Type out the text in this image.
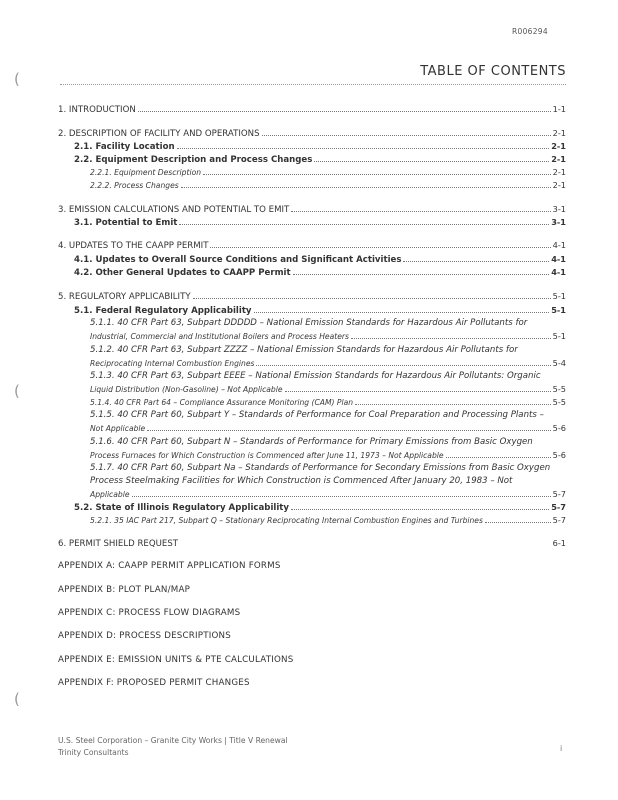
R006294
TABLE OF CONTENTS
(
(
(
1. INTRODUCTION	1-1
2. DESCRIPTION OF FACILITY AND OPERATIONS	2-1
2.1. Facility Location	2-1
2.2. Equipment Description and Process Changes	2-1
2.2.1. Equipment Description	2-1
2.2.2. Process Changes	2-1
3. EMISSION CALCULATIONS AND POTENTIAL TO EMIT	3-1
3.1. Potential to Emit	3-1
4. UPDATES TO THE CAAPP PERMIT	4-1
4.1. Updates to Overall Source Conditions and Significant Activities	4-1
4.2. Other General Updates to CAAPP Permit	4-1
5. REGULATORY APPLICABILITY	5-1
5.1. Federal Regulatory Applicability	5-1
5.1.1. 40 CFR Part 63, Subpart DDDDD – National Emission Standards for Hazardous Air Pollutants for
Industrial, Commercial and Institutional Boilers and Process Heaters	5-1
5.1.2. 40 CFR Part 63, Subpart ZZZZ – National Emission Standards for Hazardous Air Pollutants for
Reciprocating Internal Combustion Engines	5-4
5.1.3. 40 CFR Part 63, Subpart EEEE – National Emission Standards for Hazardous Air Pollutants: Organic
Liquid Distribution (Non-Gasoline) – Not Applicable	5-5
5.1.4. 40 CFR Part 64 – Compliance Assurance Monitoring (CAM) Plan	5-5
5.1.5. 40 CFR Part 60, Subpart Y – Standards of Performance for Coal Preparation and Processing Plants –
Not Applicable	5-6
5.1.6. 40 CFR Part 60, Subpart N – Standards of Performance for Primary Emissions from Basic Oxygen
Process Furnaces for Which Construction is Commenced after June 11, 1973 – Not Applicable	5-6
5.1.7. 40 CFR Part 60, Subpart Na – Standards of Performance for Secondary Emissions from Basic Oxygen
Process Steelmaking Facilities for Which Construction is Commenced After January 20, 1983 – Not
Applicable	5-7
5.2. State of Illinois Regulatory Applicability	5-7
5.2.1. 35 IAC Part 217, Subpart Q – Stationary Reciprocating Internal Combustion Engines and Turbines	5-7
6. PERMIT SHIELD REQUEST	6-1
APPENDIX A: CAAPP PERMIT APPLICATION FORMS
APPENDIX B: PLOT PLAN/MAP
APPENDIX C: PROCESS FLOW DIAGRAMS
APPENDIX D: PROCESS DESCRIPTIONS
APPENDIX E: EMISSION UNITS & PTE CALCULATIONS
APPENDIX F: PROPOSED PERMIT CHANGES
U.S. Steel Corporation – Granite City Works | Title V Renewal
Trinity Consultants	i
